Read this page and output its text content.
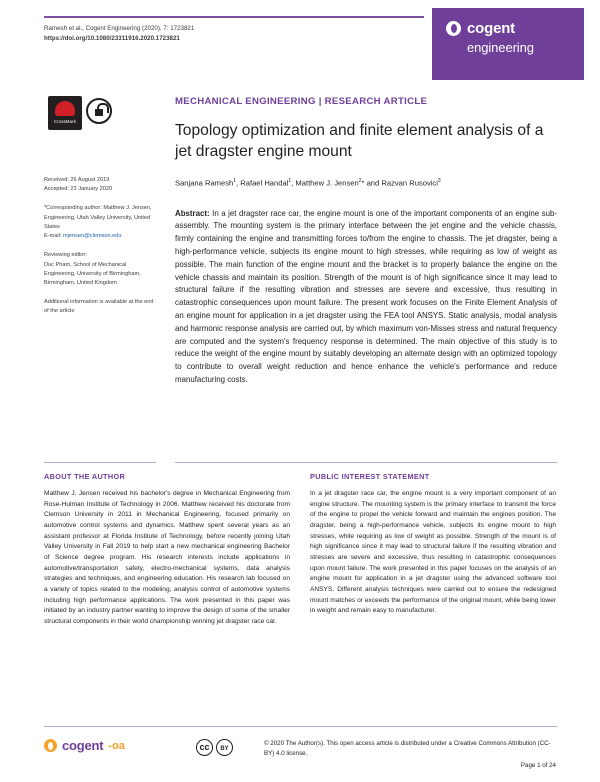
Ramesh et al., Cogent Engineering (2020), 7: 1723821
https://doi.org/10.1080/23311916.2020.1723821
cogent
engineering
CrossMark

Received: 26 August 2019
Accepted: 23 January 2020

*Corresponding author: Matthew J. Jensen, Engineering, Utah Valley University, United States
E-mail: mjensen@clemson.edu

Reviewing editor:
Duc Pham, School of Mechanical Engineering, University of Birmingham, Birmingham, United Kingdom

Additional information is available at the end of the article

MECHANICAL ENGINEERING | RESEARCH ARTICLE
Topology optimization and finite element analysis of a jet dragster engine mount
Sanjana Ramesh$^1$, Rafael Handal$^1$, Matthew J. Jensen$^2$* and Razvan Rusovici$^3$
Abstract: In a jet dragster race car, the engine mount is one of the important components of an engine sub-assembly. The mounting system is the primary interface between the jet engine and the vehicle chassis, firmly containing the engine and transmitting forces to/from the engine to chassis. The jet dragster, being a high-performance vehicle, subjects its engine mount to high stresses, while requiring as low of weight as possible. The main function of the engine mount and the bracket is to properly balance the engine on the vehicle chassis and maintain its position. Strength of the mount is of high significance since it may lead to structural failure if the resulting vibration and stresses are severe and excessive, thus resulting in catastrophic consequences upon mount failure. The present work focuses on the Finite Element Analysis of an engine mount for application in a jet dragster using the FEA tool ANSYS. Static analysis, modal analysis and harmonic response analysis are carried out, by which maximum von-Misses stress and natural frequency are computed and the system's frequency response is determined. The main objective of this study is to reduce the weight of the engine mount by suitably developing an alternate design with an optimized topology to contribute to overall weight reduction and hence enhance the vehicle's performance and reduce manufacturing costs.
ABOUT THE AUTHOR

Matthew J. Jensen received his bachelor's degree in Mechanical Engineering from Rose-Hulman Institute of Technology in 2006. Matthew received his doctorate from Clemson University in 2011 in Mechanical Engineering, focused primarily on automotive control systems and dynamics. Matthew spent several years as an assistant professor at Florida Institute of Technology, before recently joining Utah Valley University in Fall 2019 to help start a new mechanical engineering Bachelor of Science degree program. His research interests include applications in automotive/transportation safety, electro-mechanical systems, data analysis strategies and techniques, and engineering education. His research lab focused on a variety of topics related to the modeling, analysis control of automotive systems including high performance applications. The work presented in this paper was initiated by an industry partner wanting to improve the design of some of the smaller structural components in their world championship winning jet dragster race car.

PUBLIC INTEREST STATEMENT

In a jet dragster race car, the engine mount is a very important component of an engine structure. The mounting system is the primary interface to transmit the force of the engine to propel the vehicle forward and maintain the engines position. The dragster, being a high-performance vehicle, subjects its engine mount to high stresses, while requiring as low of weight as possible. Strength of the mount is of high significance since it may lead to structural failure if the resulting vibration and stresses are severe and excessive, thus resulting in catastrophic consequences upon mount failure. The work presented in this paper focuses on the analysis of an engine mount for application in a jet dragster using the advanced software tool ANSYS. Different analysis techniques were carried out to ensure the redesigned mount matches or exceeds the performance of the original mount, while being lower in weight and remain easy to manufacturer.

cogent -oa	cc	BY
© 2020 The Author(s). This open access article is distributed under a Creative Commons Attribution (CC-BY) 4.0 license.
Page 1 of 24
